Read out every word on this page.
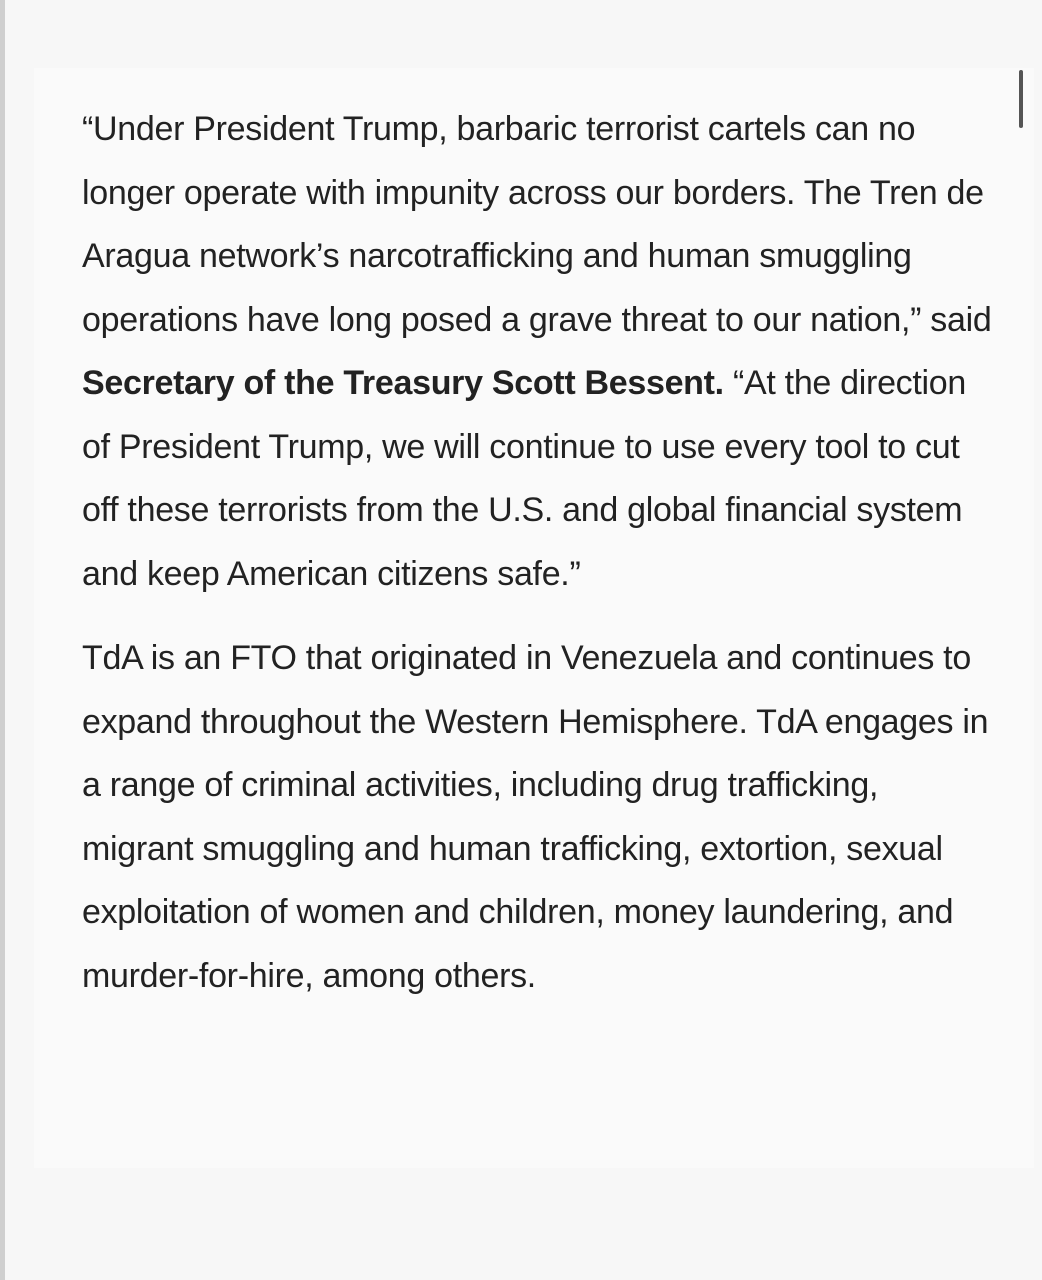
“Under President Trump, barbaric terrorist cartels can no longer operate with impunity across our borders. The Tren de Aragua network’s narcotrafficking and human smuggling operations have long posed a grave threat to our nation,” said Secretary of the Treasury Scott Bessent. “At the direction of President Trump, we will continue to use every tool to cut off these terrorists from the U.S. and global financial system and keep American citizens safe.”

TdA is an FTO that originated in Venezuela and continues to expand throughout the Western Hemisphere. TdA engages in a range of criminal activities, including drug trafficking, migrant smuggling and human trafficking, extortion, sexual exploitation of women and children, money laundering, and murder-for-hire, among others.
